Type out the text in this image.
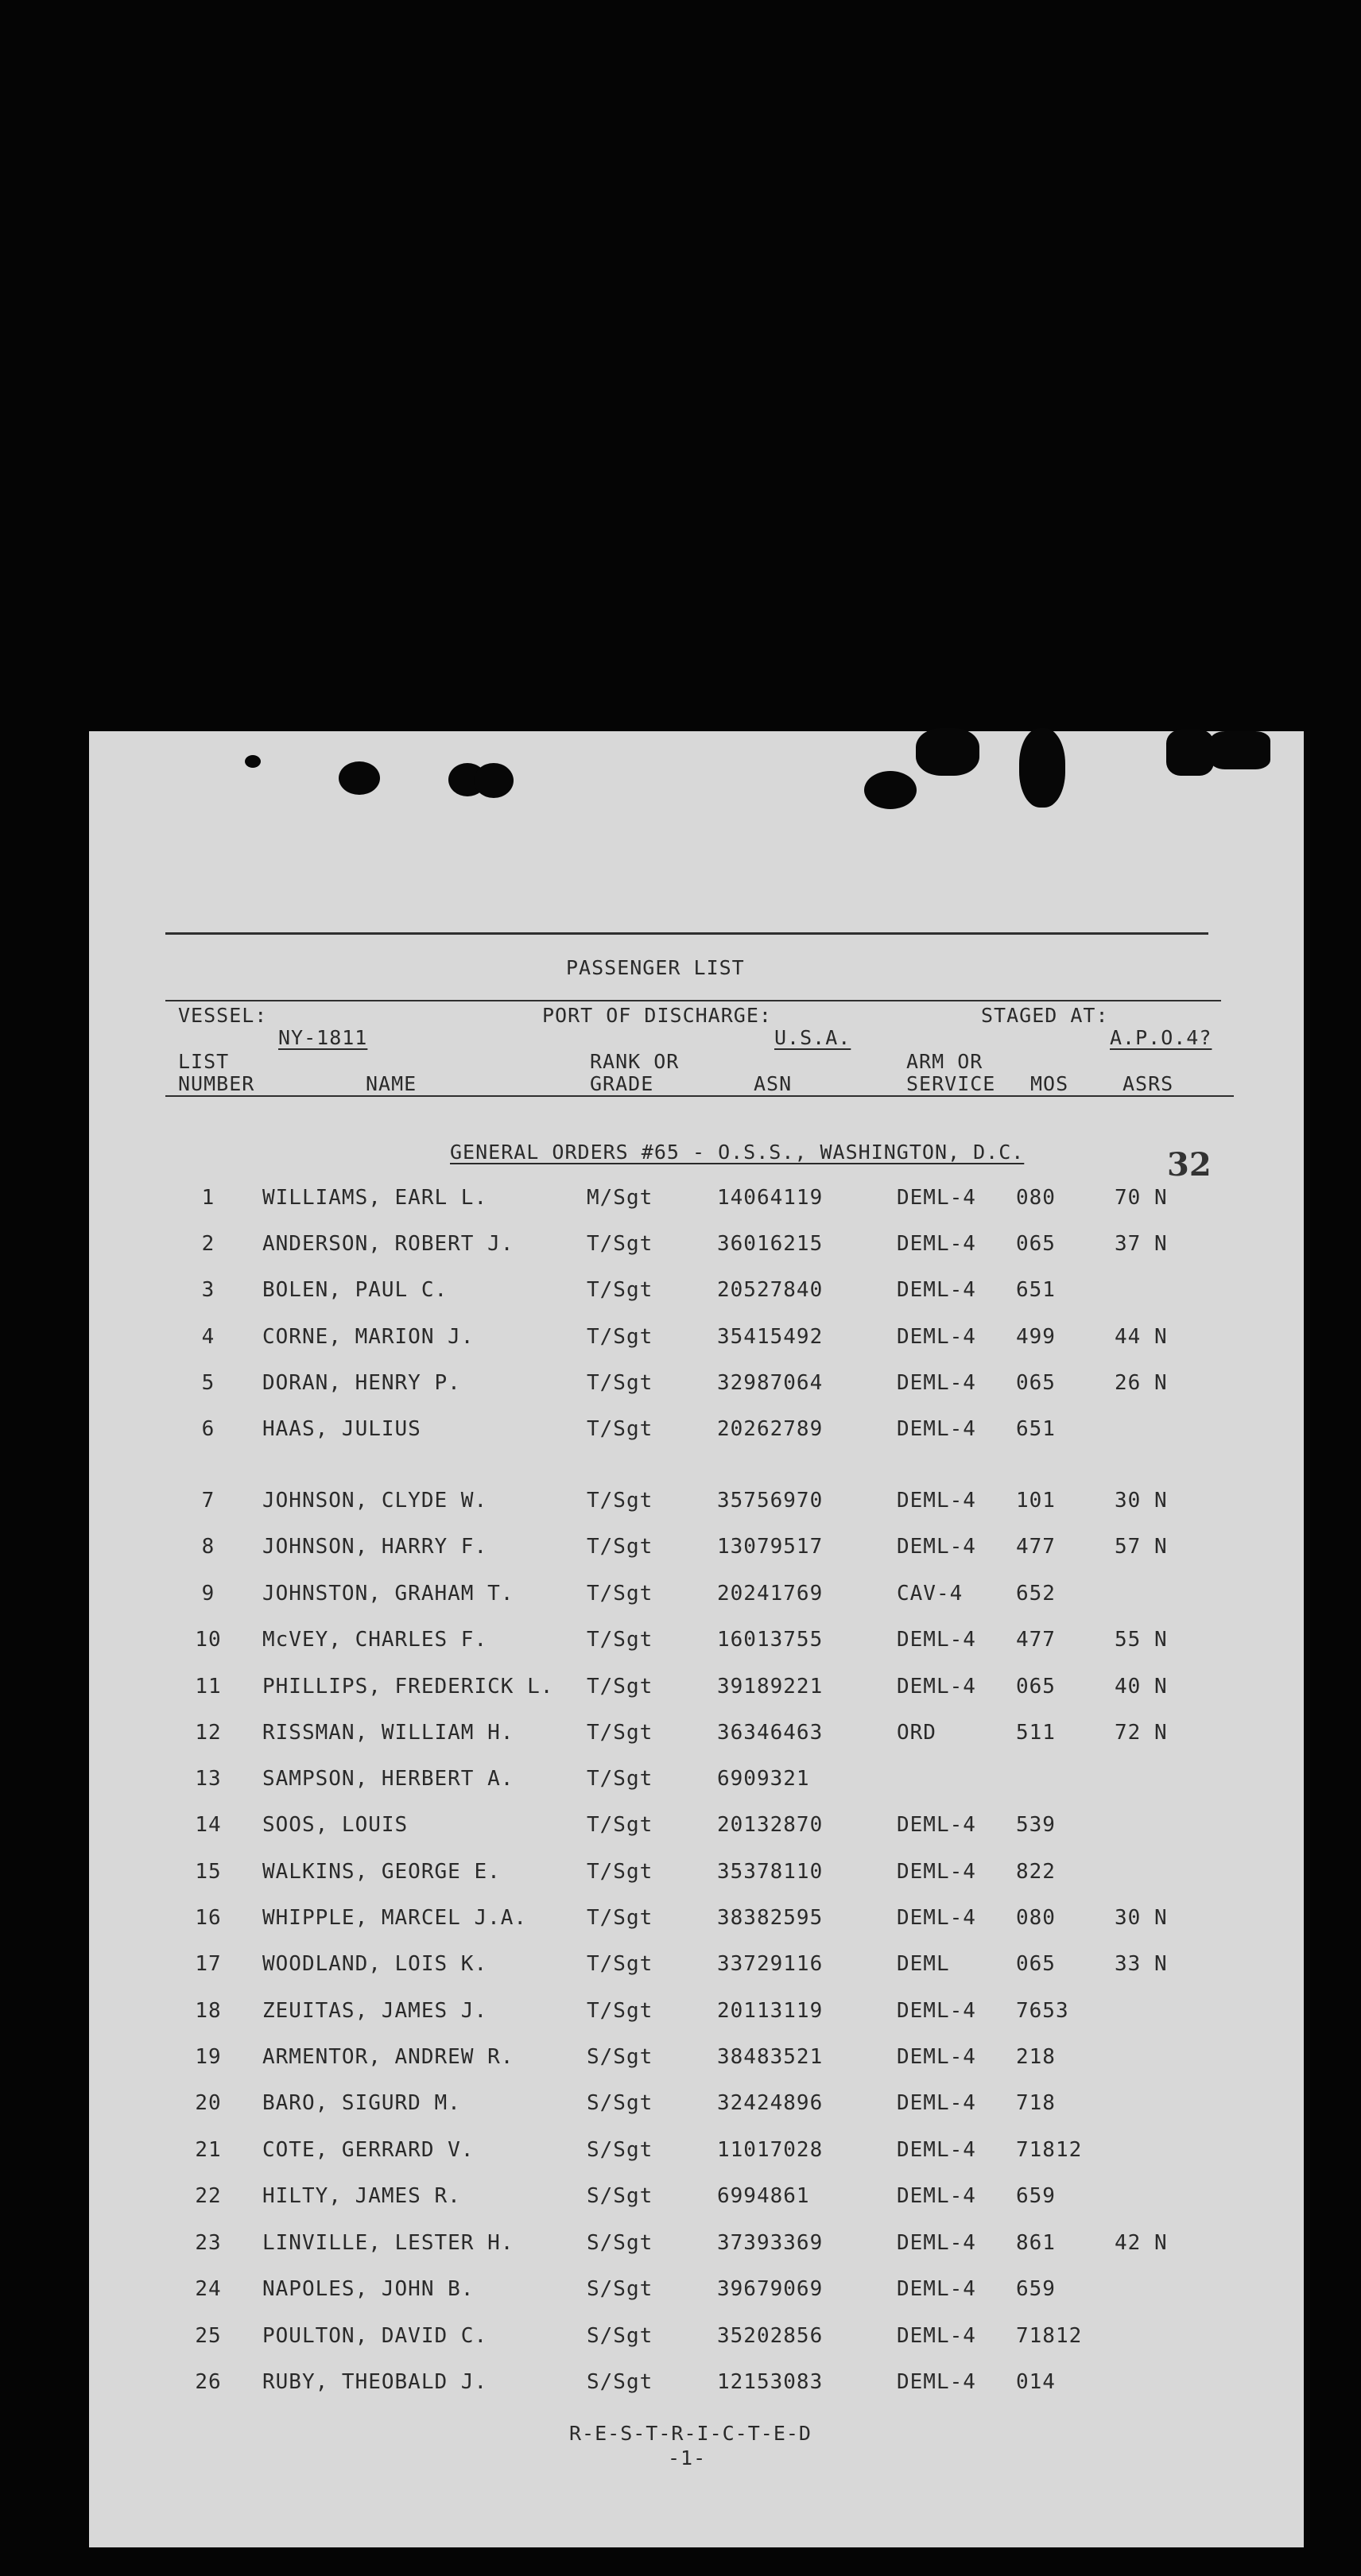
PASSENGER LIST
VESSEL:	PORT OF DISCHARGE:	STAGED AT:
NY-1811	U.S.A.	A.P.O.4?
LIST
NUMBER	NAME
RANK OR
GRADE	ASN
ARM OR
SERVICE MOS	ASRS
GENERAL ORDERS #65 - O.S.S., WASHINGTON, D.C.	32
1	WILLIAMS, EARL L.	M/Sgt	14064119	DEML-4 080	70 N
2	ANDERSON, ROBERT J.	T/Sgt	36016215	DEML-4 065	37 N
3	BOLEN, PAUL C.	T/Sgt	20527840	DEML-4 651
4	CORNE, MARION J.	T/Sgt	35415492	DEML-4 499	44 N
5	DORAN, HENRY P.	T/Sgt	32987064	DEML-4 065	26 N
6	HAAS, JULIUS	T/Sgt	20262789	DEML-4 651
7	JOHNSON, CLYDE W.	T/Sgt	35756970	DEML-4 101	30 N
8	JOHNSON, HARRY F.	T/Sgt	13079517	DEML-4 477	57 N
9	JOHNSTON, GRAHAM T.	T/Sgt	20241769	CAV-4	652
10 McVEY, CHARLES F.	T/Sgt	16013755	DEML-4 477	55 N
11 PHILLIPS, FREDERICK L. T/Sgt	39189221	DEML-4 065	40 N
12 RISSMAN, WILLIAM H.	T/Sgt	36346463	ORD	511	72 N
13 SAMPSON, HERBERT A.	T/Sgt	6909321
14 SOOS, LOUIS	T/Sgt	20132870	DEML-4 539
15 WALKINS, GEORGE E.	T/Sgt	35378110	DEML-4 822
16 WHIPPLE, MARCEL J.A.	T/Sgt	38382595	DEML-4 080	30 N
17 WOODLAND, LOIS K.	T/Sgt	33729116	DEML	065	33 N
18 ZEUITAS, JAMES J.	T/Sgt	20113119	DEML-4 7653
19 ARMENTOR, ANDREW R.	S/Sgt	38483521	DEML-4 218
20 BARO, SIGURD M.	S/Sgt	32424896	DEML-4 718
21 COTE, GERRARD V.	S/Sgt	11017028	DEML-4 71812
22 HILTY, JAMES R.	S/Sgt	6994861	DEML-4 659
23 LINVILLE, LESTER H.	S/Sgt	37393369	DEML-4 861	42 N
24 NAPOLES, JOHN B.	S/Sgt	39679069	DEML-4 659
25 POULTON, DAVID C.	S/Sgt	35202856	DEML-4 71812
26 RUBY, THEOBALD J.	S/Sgt	12153083	DEML-4 014
R-E-S-T-R-I-C-T-E-D
-1-
